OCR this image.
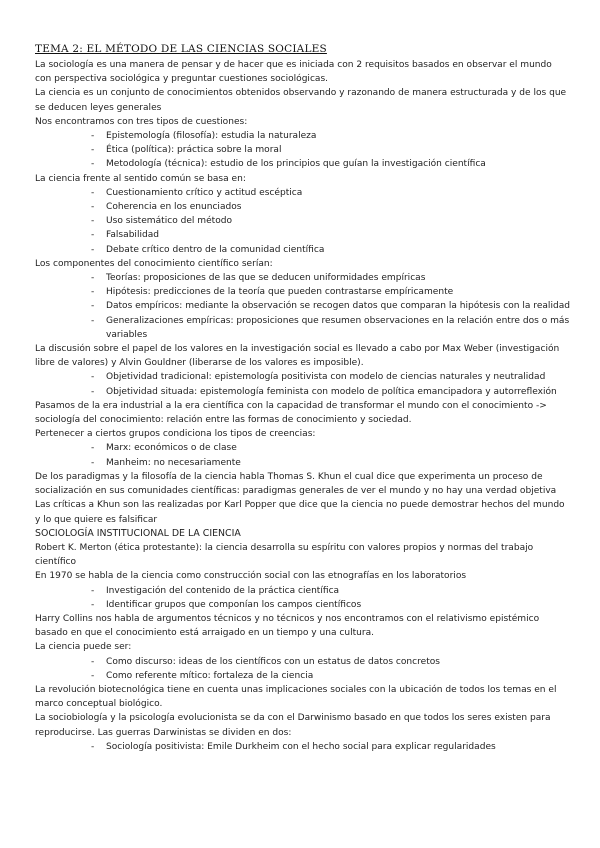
TEMA 2: EL MÉTODO DE LAS CIENCIAS SOCIALES
La sociología es una manera de pensar y de hacer que es iniciada con 2 requisitos basados en observar el mundo con perspectiva sociológica y preguntar cuestiones sociológicas.
La ciencia es un conjunto de conocimientos obtenidos observando y razonando de manera estructurada y de los que se deducen leyes generales
Nos encontramos con tres tipos de cuestiones:
- Epistemología (filosofía): estudia la naturaleza
- Ética (política): práctica sobre la moral
- Metodología (técnica): estudio de los principios que guían la investigación científica
La ciencia frente al sentido común se basa en:
- Cuestionamiento crítico y actitud escéptica
- Coherencia en los enunciados
- Uso sistemático del método
- Falsabilidad
- Debate crítico dentro de la comunidad científica
Los componentes del conocimiento científico serían:
- Teorías: proposiciones de las que se deducen uniformidades empíricas
- Hipótesis: predicciones de la teoría que pueden contrastarse empíricamente
- Datos empíricos: mediante la observación se recogen datos que comparan la hipótesis con la realidad
- Generalizaciones empíricas: proposiciones que resumen observaciones en la relación entre dos o más variables
La discusión sobre el papel de los valores en la investigación social es llevado a cabo por Max Weber (investigación libre de valores) y Alvin Gouldner (liberarse de los valores es imposible).
- Objetividad tradicional: epistemología positivista con modelo de ciencias naturales y neutralidad
- Objetividad situada: epistemología feminista con modelo de política emancipadora y autorreflexión
Pasamos de la era industrial a la era científica con la capacidad de transformar el mundo con el conocimiento -> sociología del conocimiento: relación entre las formas de conocimiento y sociedad.
Pertenecer a ciertos grupos condiciona los tipos de creencias:
- Marx: económicos o de clase
- Manheim: no necesariamente
De los paradigmas y la filosofía de la ciencia habla Thomas S. Khun el cual dice que experimenta un proceso de socialización en sus comunidades científicas: paradigmas generales de ver el mundo y no hay una verdad objetiva
Las críticas a Khun son las realizadas por Karl Popper que dice que la ciencia no puede demostrar hechos del mundo y lo que quiere es falsificar
SOCIOLOGÍA INSTITUCIONAL DE LA CIENCIA
Robert K. Merton (ética protestante): la ciencia desarrolla su espíritu con valores propios y normas del trabajo científico
En 1970 se habla de la ciencia como construcción social con las etnografías en los laboratorios
- Investigación del contenido de la práctica científica
- Identificar grupos que componían los campos científicos
Harry Collins nos habla de argumentos técnicos y no técnicos y nos encontramos con el relativismo epistémico basado en que el conocimiento está arraigado en un tiempo y una cultura.
La ciencia puede ser:
- Como discurso: ideas de los científicos con un estatus de datos concretos
- Como referente mítico: fortaleza de la ciencia
La revolución biotecnológica tiene en cuenta unas implicaciones sociales con la ubicación de todos los temas en el marco conceptual biológico.
La sociobiología y la psicología evolucionista se da con el Darwinismo basado en que todos los seres existen para reproducirse. Las guerras Darwinistas se dividen en dos:
- Sociología positivista: Emile Durkheim con el hecho social para explicar regularidades
